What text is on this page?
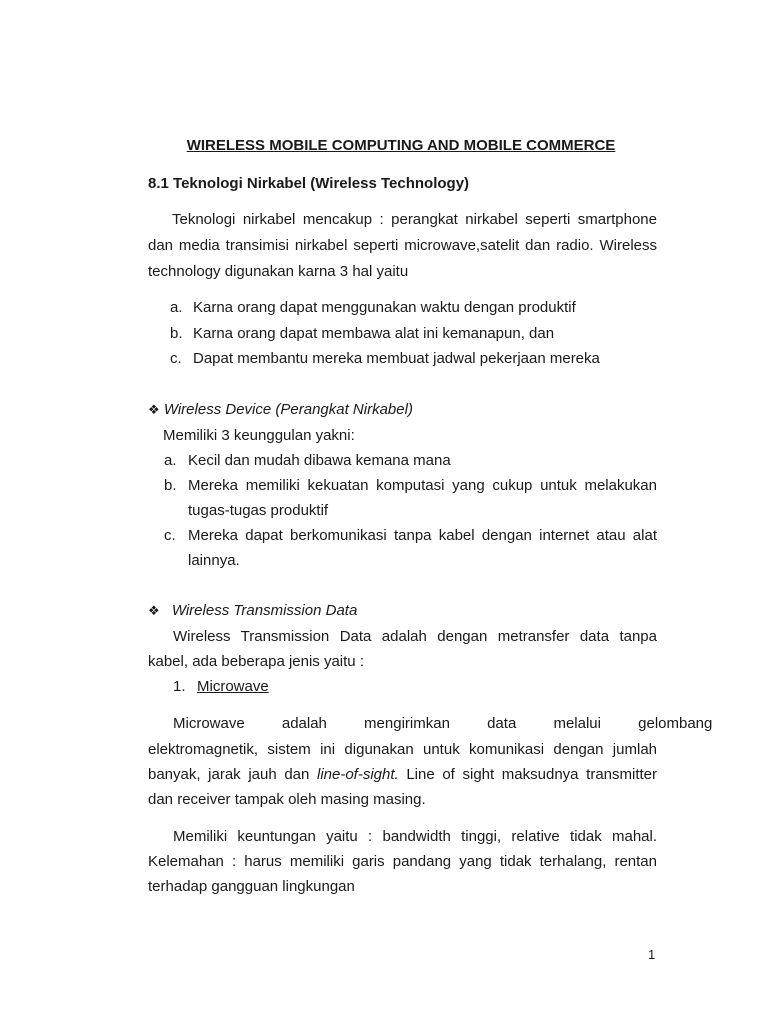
WIRELESS MOBILE COMPUTING AND MOBILE COMMERCE
8.1 Teknologi Nirkabel (Wireless Technology)
Teknologi nirkabel mencakup : perangkat nirkabel seperti smartphone
dan media transimisi nirkabel seperti microwave,satelit dan radio. Wireless
technology digunakan karna 3 hal yaitu
a. Karna orang dapat menggunakan waktu dengan produktif
b. Karna orang dapat membawa alat ini kemanapun, dan
c. Dapat membantu mereka membuat jadwal pekerjaan mereka
❖ Wireless Device (Perangkat Nirkabel)
Memiliki 3 keunggulan yakni:
a. Kecil dan mudah dibawa kemana mana
b. Mereka memiliki kekuatan komputasi yang cukup untuk melakukan
tugas-tugas produktif
c. Mereka dapat berkomunikasi tanpa kabel dengan internet atau alat
lainnya.
❖ Wireless Transmission Data
Wireless Transmission Data adalah dengan metransfer data tanpa
kabel, ada beberapa jenis yaitu :
1. Microwave
Microwave adalah mengirimkan data melalui gelombang
elektromagnetik, sistem ini digunakan untuk komunikasi dengan jumlah
banyak, jarak jauh dan line-of-sight. Line of sight maksudnya transmitter
dan receiver tampak oleh masing masing.
Memiliki keuntungan yaitu : bandwidth tinggi, relative tidak mahal.
Kelemahan : harus memiliki garis pandang yang tidak terhalang, rentan
terhadap gangguan lingkungan
1
